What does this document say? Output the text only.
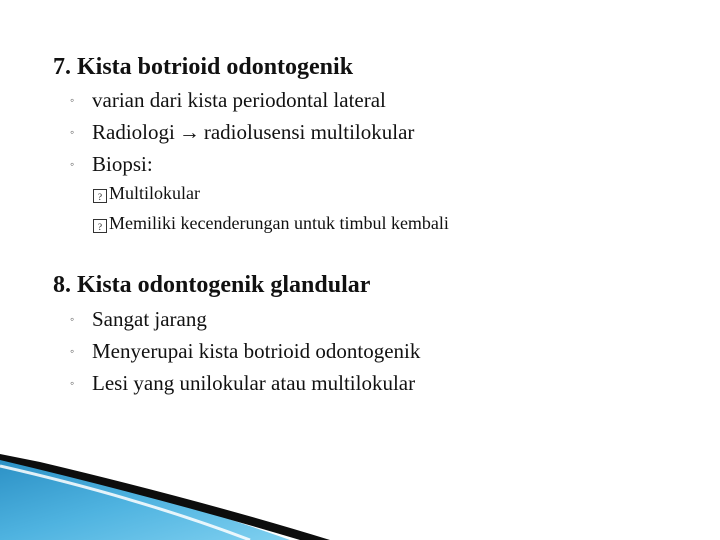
7. Kista botrioid odontogenik
◦ varian dari kista periodontal lateral
◦ Radiologi → radiolusensi multilokular
◦ Biopsi:
? Multilokular
? Memiliki kecenderungan untuk timbul kembali
8. Kista odontogenik glandular
◦ Sangat jarang
◦ Menyerupai kista botrioid odontogenik
◦ Lesi yang unilokular atau multilokular
